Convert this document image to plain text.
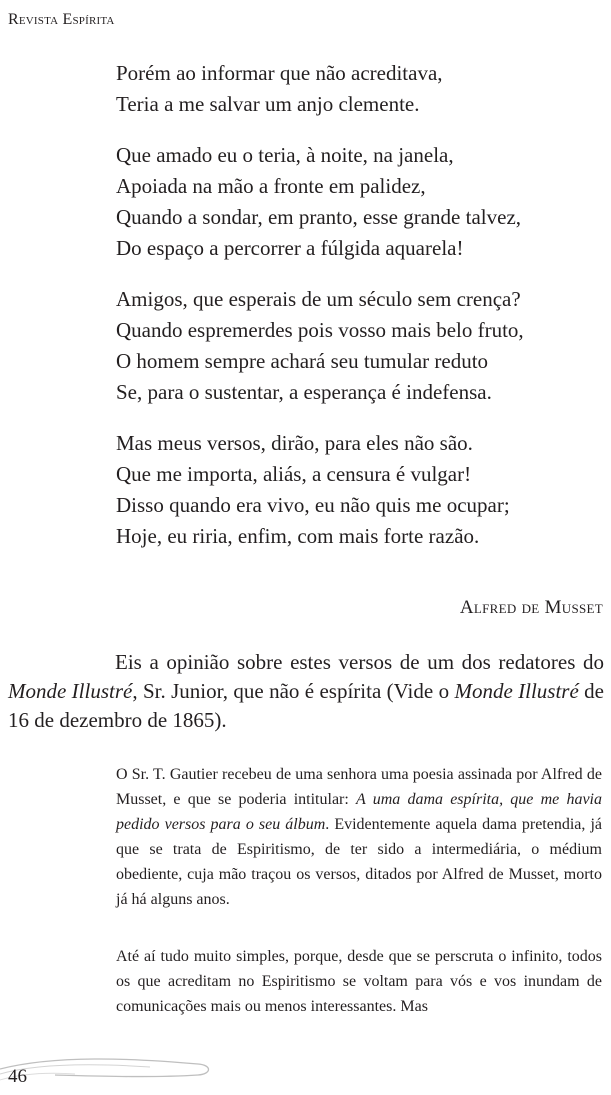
Revista Espírita

Porém ao informar que não acreditava,
Teria a me salvar um anjo clemente.
Que amado eu o teria, à noite, na janela,
Apoiada na mão a fronte em palidez,
Quando a sondar, em pranto, esse grande talvez,
Do espaço a percorrer a fúlgida aquarela!
Amigos, que esperais de um século sem crença?
Quando espremerdes pois vosso mais belo fruto,
O homem sempre achará seu tumular reduto
Se, para o sustentar, a esperança é indefensa.
Mas meus versos, dirão, para eles não são.
Que me importa, aliás, a censura é vulgar!
Disso quando era vivo, eu não quis me ocupar;
Hoje, eu riria, enfim, com mais forte razão.

Alfred de Musset

Eis a opinião sobre estes versos de um dos redatores do Monde Illustré, Sr. Junior, que não é espírita (Vide o Monde Illustré de 16 de dezembro de 1865).

O Sr. T. Gautier recebeu de uma senhora uma poesia assinada por Alfred de Musset, e que se poderia intitular: A uma dama espírita, que me havia pedido versos para o seu álbum. Evidentemente aquela dama pretendia, já que se trata de Espiritismo, de ter sido a intermediária, o médium obediente, cuja mão traçou os versos, ditados por Alfred de Musset, morto já há alguns anos.

Até aí tudo muito simples, porque, desde que se perscruta o infinito, todos os que acreditam no Espiritismo se voltam para vós e vos inundam de comunicações mais ou menos interessantes. Mas

46
